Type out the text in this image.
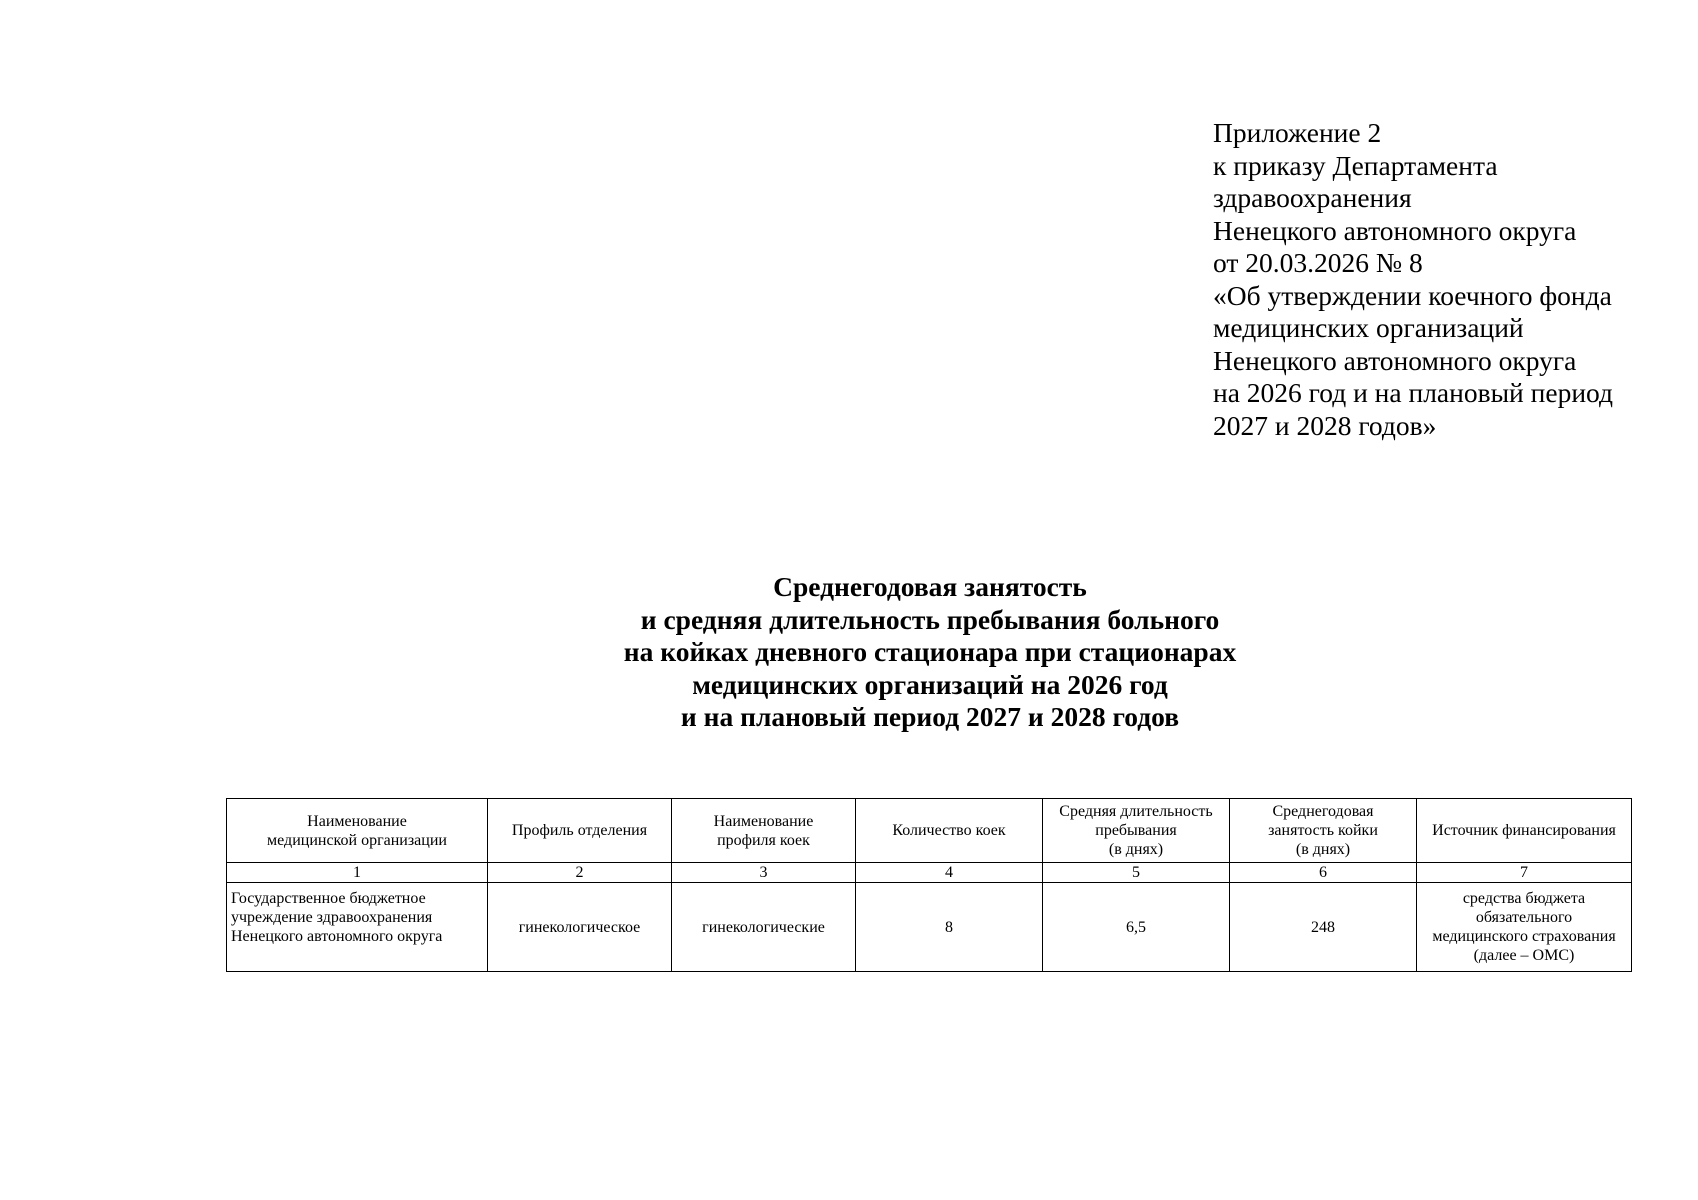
Приложение 2
к приказу Департамента
здравоохранения
Ненецкого автономного округа
от 20.03.2026 № 8
«Об утверждении коечного фонда
медицинских организаций
Ненецкого автономного округа
на 2026 год и на плановый период
2027 и 2028 годов»
Среднегодовая занятость
и средняя длительность пребывания больного
на койках дневного стационара при стационарах
медицинских организаций на 2026 год
и на плановый период 2027 и 2028 годов
Наименование
медицинской организации	Профиль отделения	Наименование
профиля коек	Количество коек	Средняя длительность
пребывания
(в днях)	Среднегодовая
занятость койки
(в днях)	Источник финансирования

1	2	3	4	5	6	7

Государственное бюджетное
учреждение здравоохранения
Ненецкого автономного округа	гинекологическое	гинекологические	8	6,5	248	средства бюджета
обязательного
медицинского страхования
(далее – ОМС)
